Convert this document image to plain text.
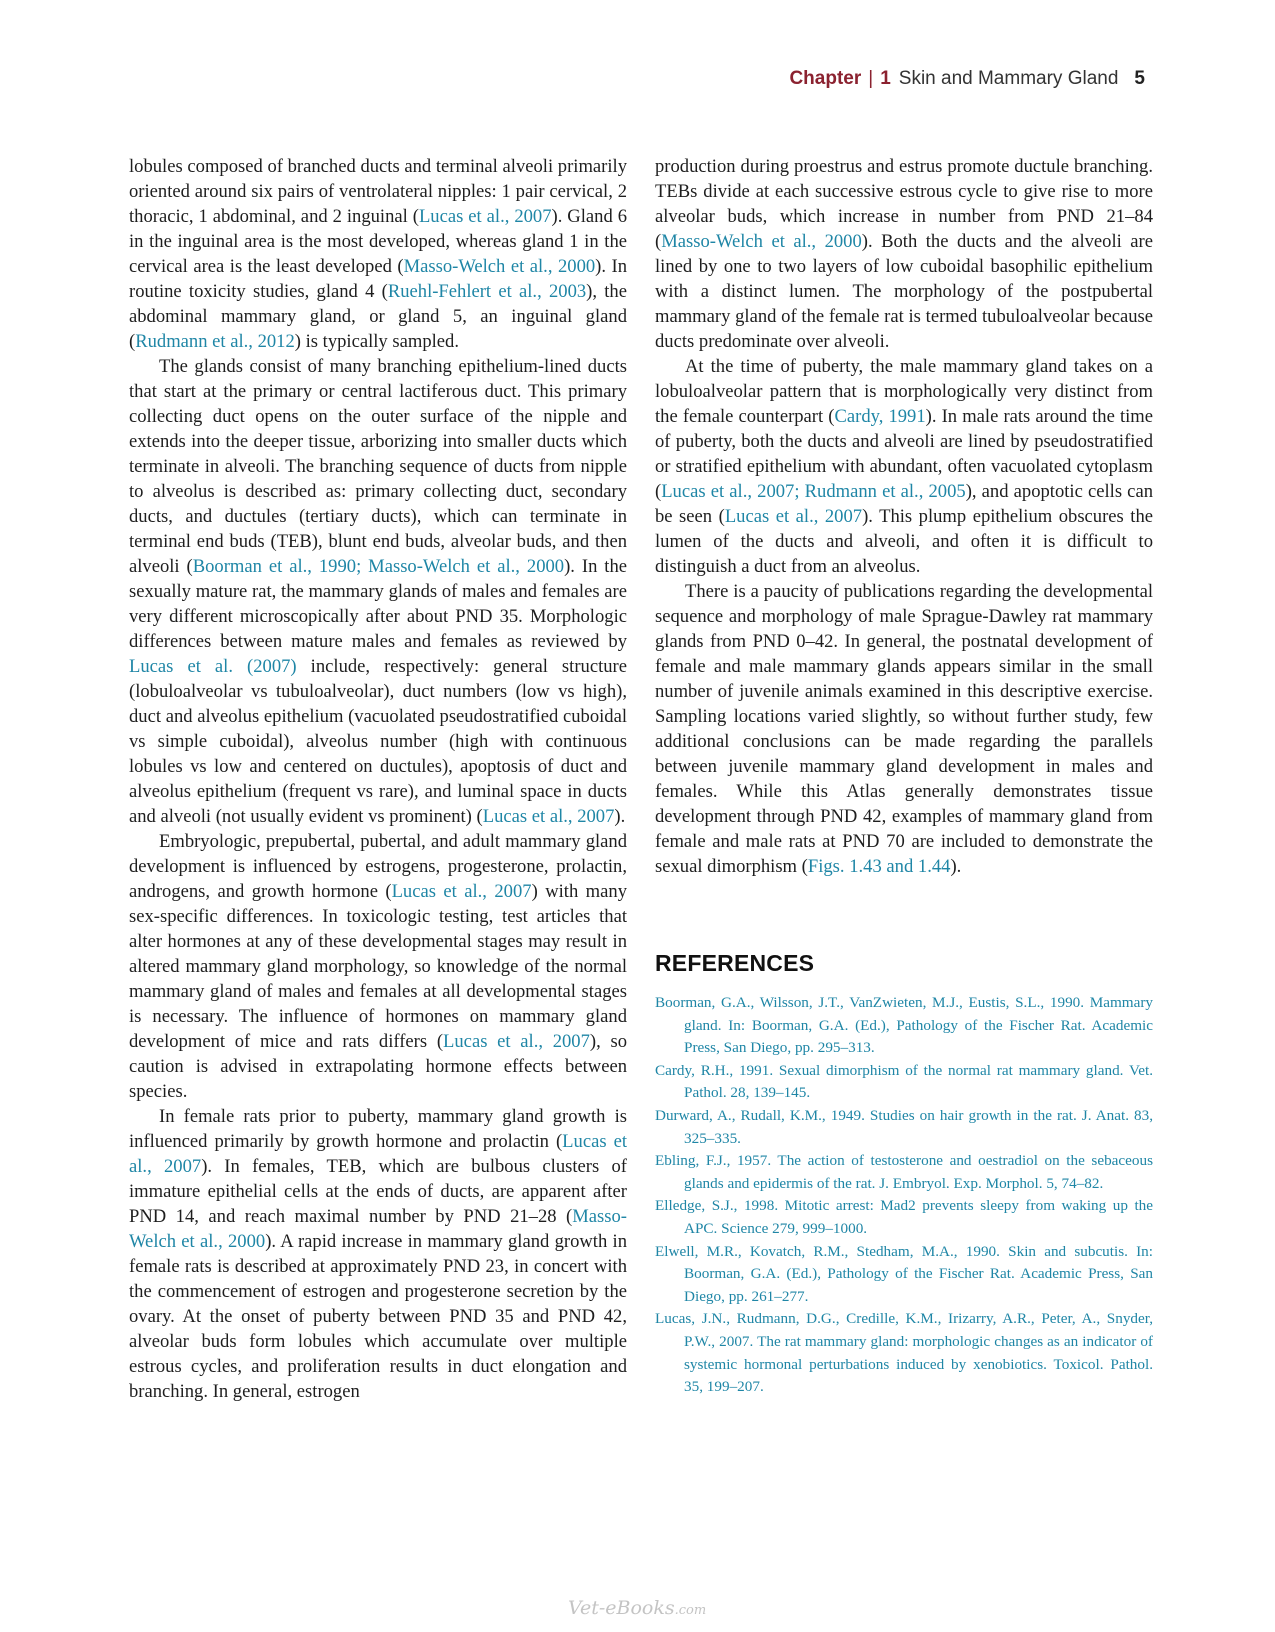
Chapter | 1 Skin and Mammary Gland 5

lobules composed of branched ducts and terminal alveoli primarily oriented around six pairs of ventrolateral nipples: 1 pair cervical, 2 thoracic, 1 abdominal, and 2 inguinal (Lucas et al., 2007). Gland 6 in the inguinal area is the most developed, whereas gland 1 in the cervical area is the least developed (Masso-Welch et al., 2000). In routine toxicity studies, gland 4 (Ruehl-Fehlert et al., 2003), the abdominal mammary gland, or gland 5, an inguinal gland (Rudmann et al., 2012) is typically sampled.

The glands consist of many branching epithelium-lined ducts that start at the primary or central lactiferous duct. This primary collecting duct opens on the outer surface of the nipple and extends into the deeper tissue, arborizing into smaller ducts which terminate in alveoli. The branching sequence of ducts from nipple to alveolus is described as: primary collecting duct, secondary ducts, and ductules (tertiary ducts), which can terminate in terminal end buds (TEB), blunt end buds, alveolar buds, and then alveoli (Boorman et al., 1990; Masso-Welch et al., 2000). In the sexually mature rat, the mammary glands of males and females are very different microscopically after about PND 35. Morphologic differences between mature males and females as reviewed by Lucas et al. (2007) include, respectively: general structure (lobuloalveolar vs tubuloalveolar), duct numbers (low vs high), duct and alveolus epithelium (vacuolated pseudostratified cuboidal vs simple cuboidal), alveolus number (high with continuous lobules vs low and centered on ductules), apoptosis of duct and alveolus epithelium (frequent vs rare), and luminal space in ducts and alveoli (not usually evident vs prominent) (Lucas et al., 2007).

Embryologic, prepubertal, pubertal, and adult mammary gland development is influenced by estrogens, progesterone, prolactin, androgens, and growth hormone (Lucas et al., 2007) with many sex-specific differences. In toxicologic testing, test articles that alter hormones at any of these developmental stages may result in altered mammary gland morphology, so knowledge of the normal mammary gland of males and females at all developmental stages is necessary. The influence of hormones on mammary gland development of mice and rats differs (Lucas et al., 2007), so caution is advised in extrapolating hormone effects between species.

In female rats prior to puberty, mammary gland growth is influenced primarily by growth hormone and prolactin (Lucas et al., 2007). In females, TEB, which are bulbous clusters of immature epithelial cells at the ends of ducts, are apparent after PND 14, and reach maximal number by PND 21–28 (Masso-Welch et al., 2000). A rapid increase in mammary gland growth in female rats is described at approximately PND 23, in concert with the commencement of estrogen and progesterone secretion by the ovary. At the onset of puberty between PND 35 and PND 42, alveolar buds form lobules which accumulate over multiple estrous cycles, and proliferation results in duct elongation and branching. In general, estrogen

production during proestrus and estrus promote ductule branching. TEBs divide at each successive estrous cycle to give rise to more alveolar buds, which increase in number from PND 21–84 (Masso-Welch et al., 2000). Both the ducts and the alveoli are lined by one to two layers of low cuboidal basophilic epithelium with a distinct lumen. The morphology of the postpubertal mammary gland of the female rat is termed tubuloalveolar because ducts predominate over alveoli.

At the time of puberty, the male mammary gland takes on a lobuloalveolar pattern that is morphologically very distinct from the female counterpart (Cardy, 1991). In male rats around the time of puberty, both the ducts and alveoli are lined by pseudostratified or stratified epithelium with abundant, often vacuolated cytoplasm (Lucas et al., 2007; Rudmann et al., 2005), and apoptotic cells can be seen (Lucas et al., 2007). This plump epithelium obscures the lumen of the ducts and alveoli, and often it is difficult to distinguish a duct from an alveolus.

There is a paucity of publications regarding the developmental sequence and morphology of male Sprague-Dawley rat mammary glands from PND 0–42. In general, the postnatal development of female and male mammary glands appears similar in the small number of juvenile animals examined in this descriptive exercise. Sampling locations varied slightly, so without further study, few additional conclusions can be made regarding the parallels between juvenile mammary gland development in males and females. While this Atlas generally demonstrates tissue development through PND 42, examples of mammary gland from female and male rats at PND 70 are included to demonstrate the sexual dimorphism (Figs. 1.43 and 1.44).

REFERENCES

Boorman, G.A., Wilsson, J.T., VanZwieten, M.J., Eustis, S.L., 1990. Mammary gland. In: Boorman, G.A. (Ed.), Pathology of the Fischer Rat. Academic Press, San Diego, pp. 295–313.

Cardy, R.H., 1991. Sexual dimorphism of the normal rat mammary gland. Vet. Pathol. 28, 139–145.

Durward, A., Rudall, K.M., 1949. Studies on hair growth in the rat. J. Anat. 83, 325–335.

Ebling, F.J., 1957. The action of testosterone and oestradiol on the sebaceous glands and epidermis of the rat. J. Embryol. Exp. Morphol. 5, 74–82.

Elledge, S.J., 1998. Mitotic arrest: Mad2 prevents sleepy from waking up the APC. Science 279, 999–1000.

Elwell, M.R., Kovatch, R.M., Stedham, M.A., 1990. Skin and subcutis. In: Boorman, G.A. (Ed.), Pathology of the Fischer Rat. Academic Press, San Diego, pp. 261–277.

Lucas, J.N., Rudmann, D.G., Credille, K.M., Irizarry, A.R., Peter, A., Snyder, P.W., 2007. The rat mammary gland: morphologic changes as an indicator of systemic hormonal perturbations induced by xenobiotics. Toxicol. Pathol. 35, 199–207.

Vet-eBooks.com
